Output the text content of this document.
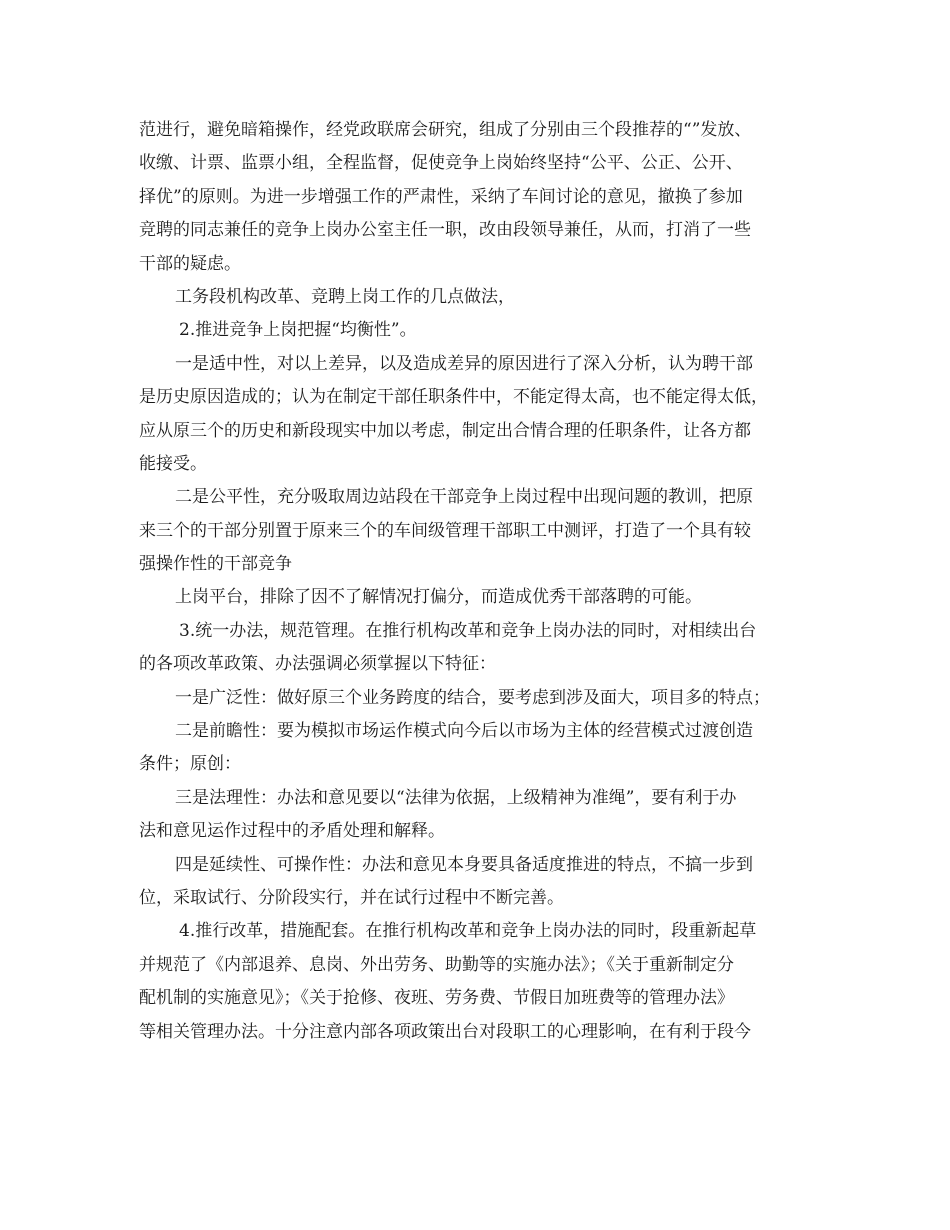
范进行，避免暗箱操作，经党政联席会研究，组成了分别由三个段推荐的“”发放、
收缴、计票、监票小组，全程监督，促使竞争上岗始终坚持“公平、公正、公开、
择优”的原则。为进一步增强工作的严肃性，采纳了车间讨论的意见，撤换了参加
竞聘的同志兼任的竞争上岗办公室主任一职，改由段领导兼任，从而，打消了一些
干部的疑虑。
工务段机构改革、竞聘上岗工作的几点做法，
2.推进竞争上岗把握“均衡性”。
一是适中性，对以上差异，以及造成差异的原因进行了深入分析，认为聘干部
是历史原因造成的；认为在制定干部任职条件中，不能定得太高，也不能定得太低，
应从原三个的历史和新段现实中加以考虑，制定出合情合理的任职条件，让各方都
能接受。
二是公平性，充分吸取周边站段在干部竞争上岗过程中出现问题的教训，把原
来三个的干部分别置于原来三个的车间级管理干部职工中测评，打造了一个具有较
强操作性的干部竞争
上岗平台，排除了因不了解情况打偏分，而造成优秀干部落聘的可能。
3.统一办法，规范管理。在推行机构改革和竞争上岗办法的同时，对相续出台
的各项改革政策、办法强调必须掌握以下特征：
一是广泛性：做好原三个业务跨度的结合，要考虑到涉及面大，项目多的特点；
二是前瞻性：要为模拟市场运作模式向今后以市场为主体的经营模式过渡创造
条件；原创：
三是法理性：办法和意见要以“法律为依据，上级精神为准绳”，要有利于办
法和意见运作过程中的矛盾处理和解释。
四是延续性、可操作性：办法和意见本身要具备适度推进的特点，不搞一步到
位，采取试行、分阶段实行，并在试行过程中不断完善。
4.推行改革，措施配套。在推行机构改革和竞争上岗办法的同时，段重新起草
并规范了《内部退养、息岗、外出劳务、助勤等的实施办法》；《关于重新制定分
配机制的实施意见》；《关于抢修、夜班、劳务费、节假日加班费等的管理办法》
等相关管理办法。十分注意内部各项政策出台对段职工的心理影响，在有利于段今
